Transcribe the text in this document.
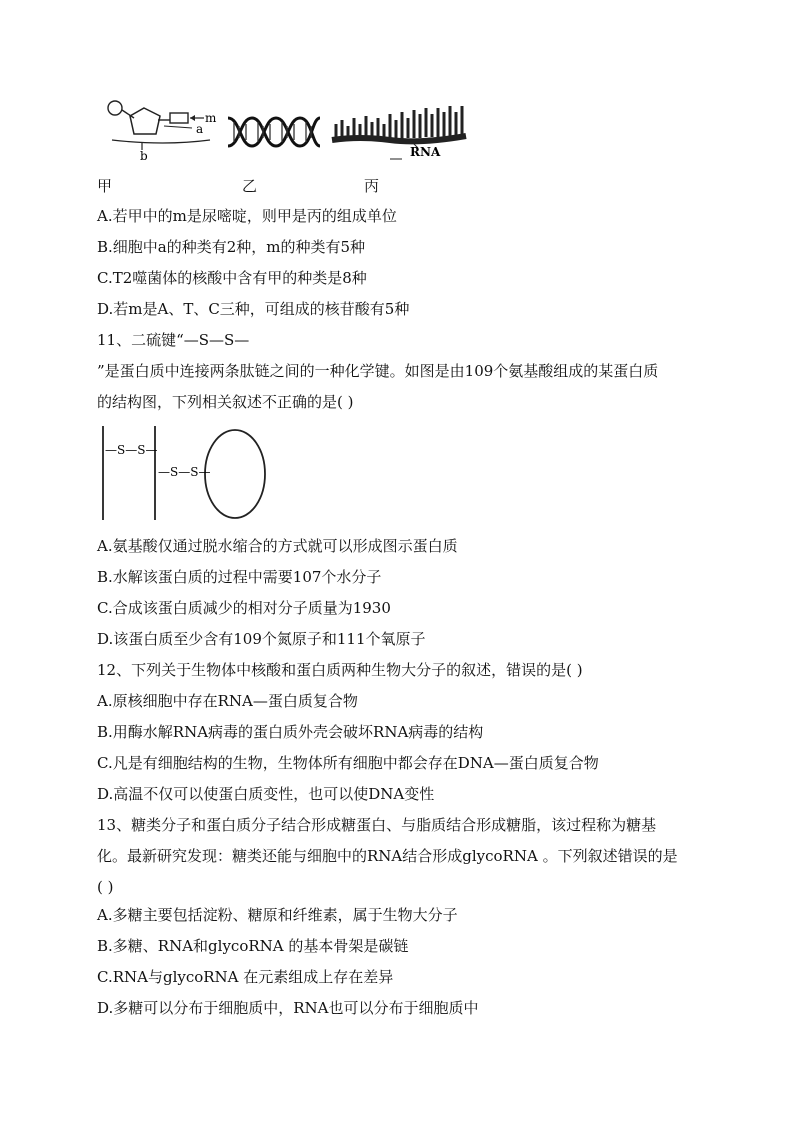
m
a
b	RNA
甲	乙	丙
A.若甲中的m是尿嘧啶，则甲是丙的组成单位
B.细胞中a的种类有2种，m的种类有5种
C.T2噬菌体的核酸中含有甲的种类是8种
D.若m是A、T、C三种，可组成的核苷酸有5种
11、二硫键“—S—S—
”是蛋白质中连接两条肽链之间的一种化学键。如图是由109个氨基酸组成的某蛋白质
的结构图，下列相关叙述不正确的是( )
—S—S—
—S—S—
A.氨基酸仅通过脱水缩合的方式就可以形成图示蛋白质
B.水解该蛋白质的过程中需要107个水分子
C.合成该蛋白质减少的相对分子质量为1930
D.该蛋白质至少含有109个氮原子和111个氧原子
12、下列关于生物体中核酸和蛋白质两种生物大分子的叙述，错误的是( )
A.原核细胞中存在RNA—蛋白质复合物
B.用酶水解RNA病毒的蛋白质外壳会破坏RNA病毒的结构
C.凡是有细胞结构的生物，生物体所有细胞中都会存在DNA—蛋白质复合物
D.高温不仅可以使蛋白质变性，也可以使DNA变性
13、糖类分子和蛋白质分子结合形成糖蛋白、与脂质结合形成糖脂，该过程称为糖基
化。最新研究发现：糖类还能与细胞中的RNA结合形成glycoRNA 。下列叙述错误的是
( )
A.多糖主要包括淀粉、糖原和纤维素，属于生物大分子
B.多糖、RNA和glycoRNA 的基本骨架是碳链
C.RNA与glycoRNA 在元素组成上存在差异
D.多糖可以分布于细胞质中，RNA也可以分布于细胞质中
